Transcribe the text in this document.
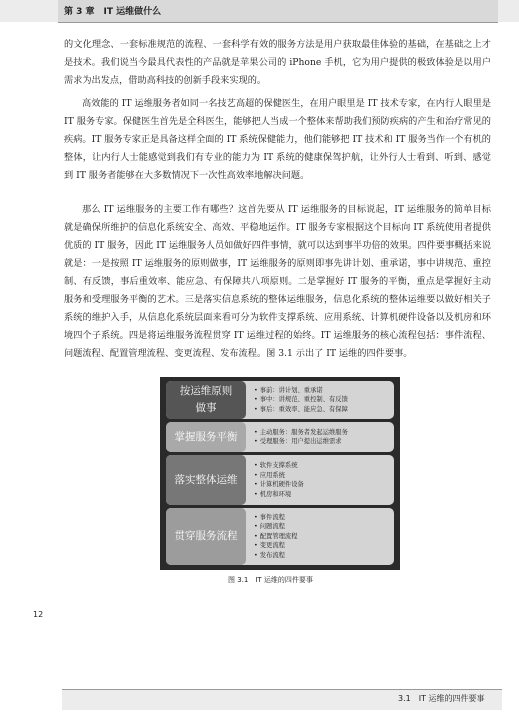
第 3 章　IT 运维做什么

的文化理念、一套标准规范的流程、一套科学有效的服务方法是用户获取最佳体验的基础，在基础之上才是技术。我们说当今最具代表性的产品就是苹果公司的 iPhone 手机，它为用户提供的极致体验是以用户需求为出发点，借助高科技的创新手段来实现的。

高效能的 IT 运维服务者如同一名技艺高超的保健医生，在用户眼里是 IT 技术专家，在内行人眼里是 IT 服务专家。保健医生首先是全科医生，能够把人当成一个整体来帮助我们预防疾病的产生和治疗常见的疾病。IT 服务专家正是具备这样全面的 IT 系统保健能力，他们能够把 IT 技术和 IT 服务当作一个有机的整体，让内行人士能感觉到我们有专业的能力为 IT 系统的健康保驾护航，让外行人士看到、听到、感觉到 IT 服务者能够在大多数情况下一次性高效率地解决问题。

那么 IT 运维服务的主要工作有哪些？这首先要从 IT 运维服务的目标说起，IT 运维服务的简单目标就是确保所维护的信息化系统安全、高效、平稳地运作。IT 服务专家根据这个目标向 IT 系统使用者提供优质的 IT 服务，因此 IT 运维服务人员如做好四件事情，就可以达到事半功倍的效果。四件要事概括来说就是：一是按照 IT 运维服务的原则做事，IT 运维服务的原则即事先讲计划、重承诺，事中讲规范、重控制、有反馈，事后重效率、能应急、有保障共八项原则。二是掌握好 IT 服务的平衡，重点是掌握好主动服务和受理服务平衡的艺术。三是落实信息系统的整体运维服务，信息化系统的整体运维要以做好相关子系统的维护入手，从信息化系统层面来看可分为软件支撑系统、应用系统、计算机硬件设备以及机房和环境四个子系统。四是将运维服务流程贯穿 IT 运维过程的始终。IT 运维服务的核心流程包括：事件流程、问题流程、配置管理流程、变更流程、发布流程。图 3.1 示出了 IT 运维的四件要事。

按运维原则
做事
• 事前：讲计划、重承诺
• 事中：讲规范、重控制、有反馈
• 事后：重效率、能应急、有保障
掌握服务平衡
•	主动服务：服务者发起运维服务
• 受理服务：用户提出运维需求
落实整体运维
• 软件支撑系统
• 应用系统
• 计算机硬件设备
• 机房和环境
贯穿服务流程
• 事件流程
• 问题流程
• 配置管理流程
• 变更流程
• 发布流程
图 3.1　IT 运维的四件要事
12
3.1　IT 运维的四件要事
